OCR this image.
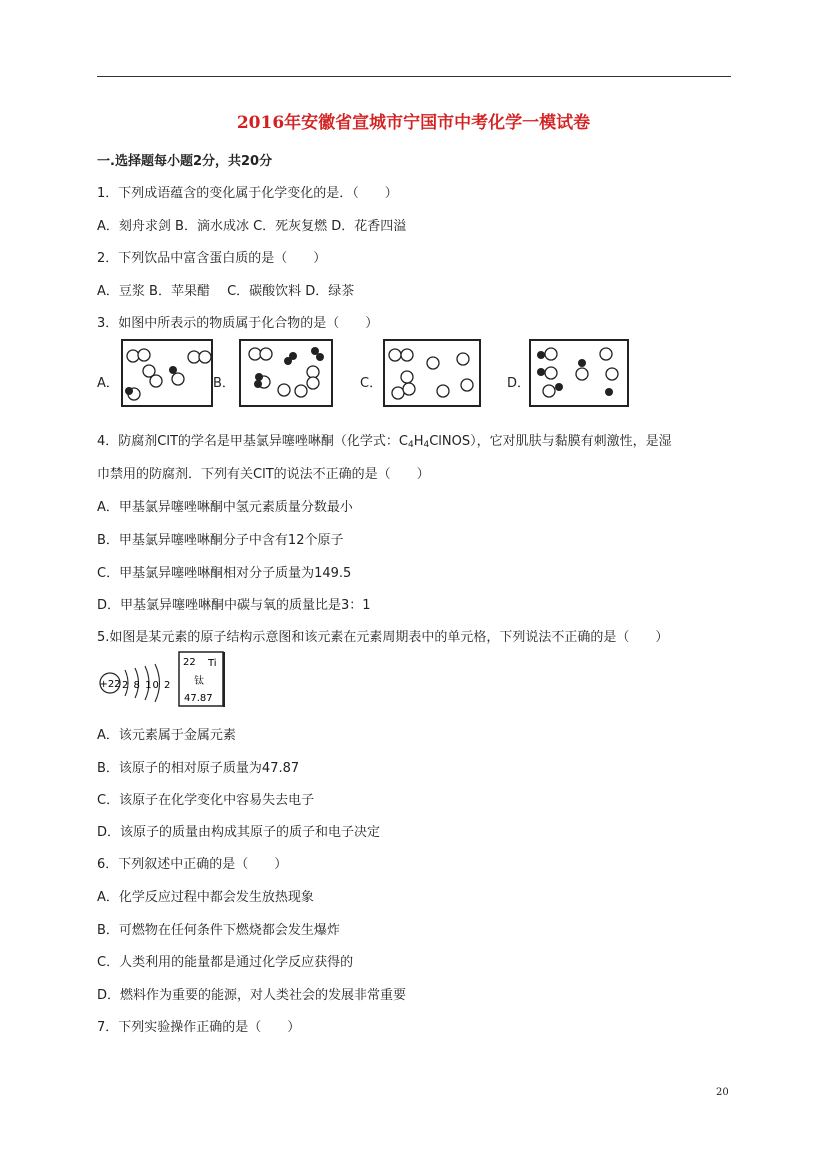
2016年安徽省宣城市宁国市中考化学一模试卷
一.选择题每小题2分，共20分
1．下列成语蕴含的变化属于化学变化的是．（　　）
A．刻舟求剑 B．滴水成冰 C．死灰复燃 D．花香四溢
2．下列饮品中富含蛋白质的是（　　）
A．豆浆 B．苹果醋　 C．碳酸饮料 D．绿茶
3．如图中所表示的物质属于化合物的是（　　）
A．	B．	C．	D．
4．防腐剂ClT的学名是甲基氯异噻唑啉酮（化学式：$C_4H_4ClNOS$），它对肌肤与黏膜有刺激性，是湿
巾禁用的防腐剂．下列有关ClT的说法不正确的是（　　）
A．甲基氯异噻唑啉酮中氢元素质量分数最小
B．甲基氯异噻唑啉酮分子中含有12个原子
C．甲基氯异噻唑啉酮相对分子质量为149.5
D．甲基氯异噻唑啉酮中碳与氧的质量比是3：1
5.如图是某元素的原子结构示意图和该元素在元素周期表中的单元格，下列说法不正确的是（　　）
+22 2 8 10 2
22 Ti
钛
47.87
A．该元素属于金属元素
B．该原子的相对原子质量为47.87
C．该原子在化学变化中容易失去电子
D．该原子的质量由构成其原子的质子和电子决定
6．下列叙述中正确的是（　　）
A．化学反应过程中都会发生放热现象
B．可燃物在任何条件下燃烧都会发生爆炸
C．人类利用的能量都是通过化学反应获得的
D．燃料作为重要的能源，对人类社会的发展非常重要
7．下列实验操作正确的是（　　）
20
